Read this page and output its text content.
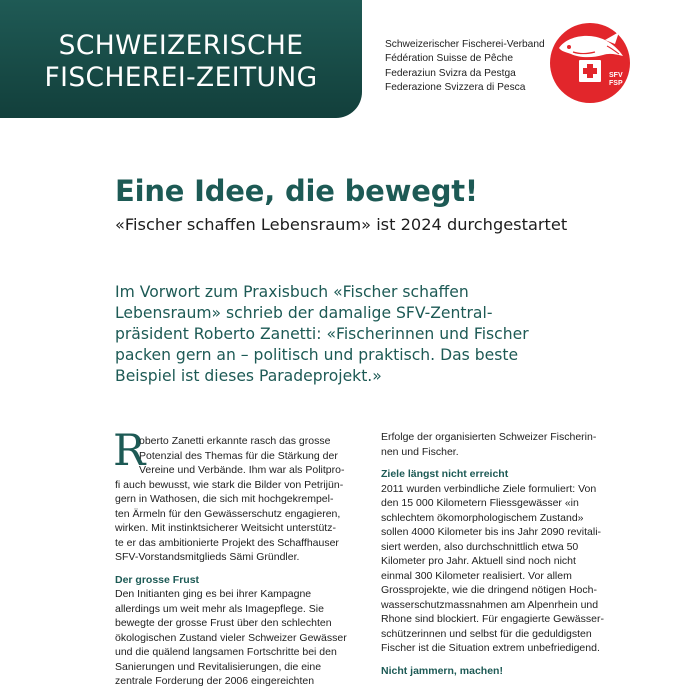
SCHWEIZERISCHE
FISCHEREI-ZEITUNG
Schweizerischer Fischerei-Verband
Fédération Suisse de Pêche
Federaziun Svizra da Pestga
Federazione Svizzera di Pesca
SFV
FSP
Eine Idee, die bewegt!
«Fischer schaffen Lebensraum» ist 2024 durchgestartet
Im Vorwort zum Praxisbuch «Fischer schaffen
Lebensraum» schrieb der damalige SFV-Zentral-
präsident Roberto Zanetti: «Fischerinnen und Fischer
packen gern an – politisch und praktisch. Das beste
Beispiel ist dieses Paradeprojekt.»
R
oberto Zanetti erkannte rasch das grosse
Potenzial des Themas für die Stärkung der
Vereine und Verbände. Ihm war als Politpro-
fi auch bewusst, wie stark die Bilder von Petrijün-
gern in Wathosen, die sich mit hochgekrempel-
ten Ärmeln für den Gewässerschutz engagieren,
wirken. Mit instinktsicherer Weitsicht unterstütz-
te er das ambitionierte Projekt des Schaffhauser
SFV-Vorstandsmitglieds Sämi Gründler.
Der grosse Frust
Den Initianten ging es bei ihrer Kampagne
allerdings um weit mehr als Imagepflege. Sie
bewegte der grosse Frust über den schlechten
ökologischen Zustand vieler Schweizer Gewässer
und die quälend langsamen Fortschritte bei den
Sanierungen und Revitalisierungen, die eine
zentrale Forderung der 2006 eingereichten
Erfolge der organisierten Schweizer Fischerin-
nen und Fischer.
Ziele längst nicht erreicht
2011 wurden verbindliche Ziele formuliert: Von
den 15 000 Kilometern Fliessgewässer «in
schlechtem ökomorphologischem Zustand»
sollen 4000 Kilometer bis ins Jahr 2090 revitali-
siert werden, also durchschnittlich etwa 50
Kilometer pro Jahr. Aktuell sind noch nicht
einmal 300 Kilometer realisiert. Vor allem
Grossprojekte, wie die dringend nötigen Hoch-
wasserschutzmassnahmen am Alpenrhein und
Rhone sind blockiert. Für engagierte Gewässer-
schützerinnen und selbst für die geduldigsten
Fischer ist die Situation extrem unbefriedigend.
Nicht jammern, machen!
